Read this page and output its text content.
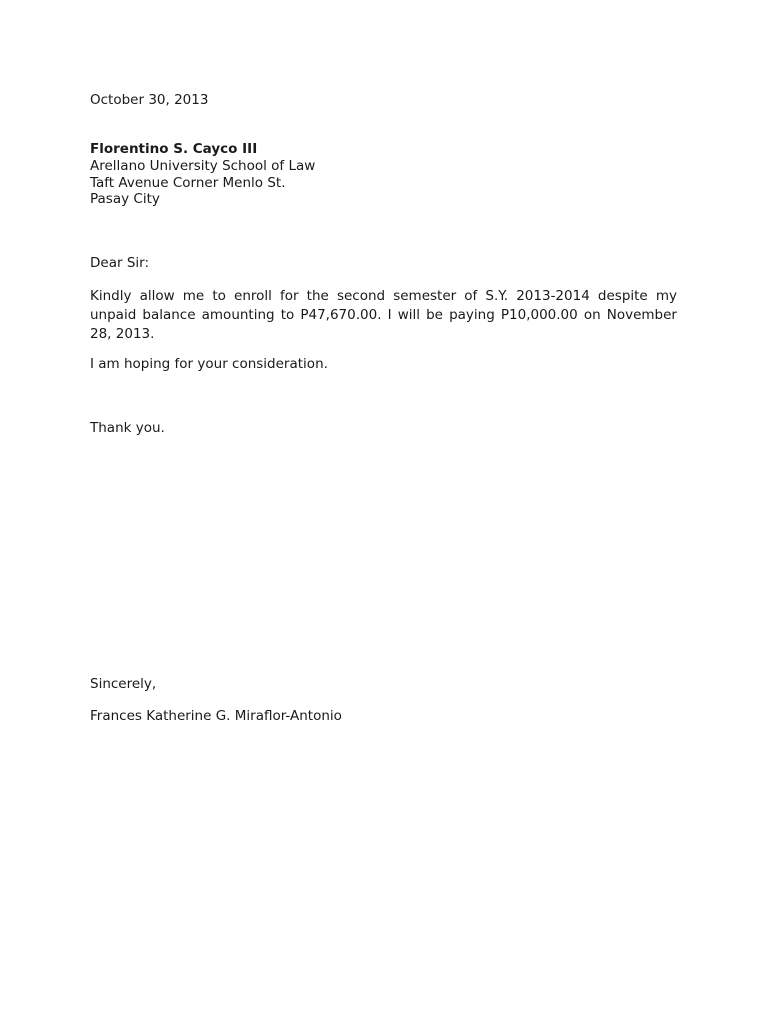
October 30, 2013
Florentino S. Cayco III
Arellano University School of Law
Taft Avenue Corner Menlo St.
Pasay City
Dear Sir:
Kindly allow me to enroll for the second semester of S.Y. 2013-2014 despite my
unpaid balance amounting to P47,670.00. I will be paying P10,000.00 on November
28, 2013.
I am hoping for your consideration.
Thank you.
Sincerely,
Frances Katherine G. Miraflor-Antonio
